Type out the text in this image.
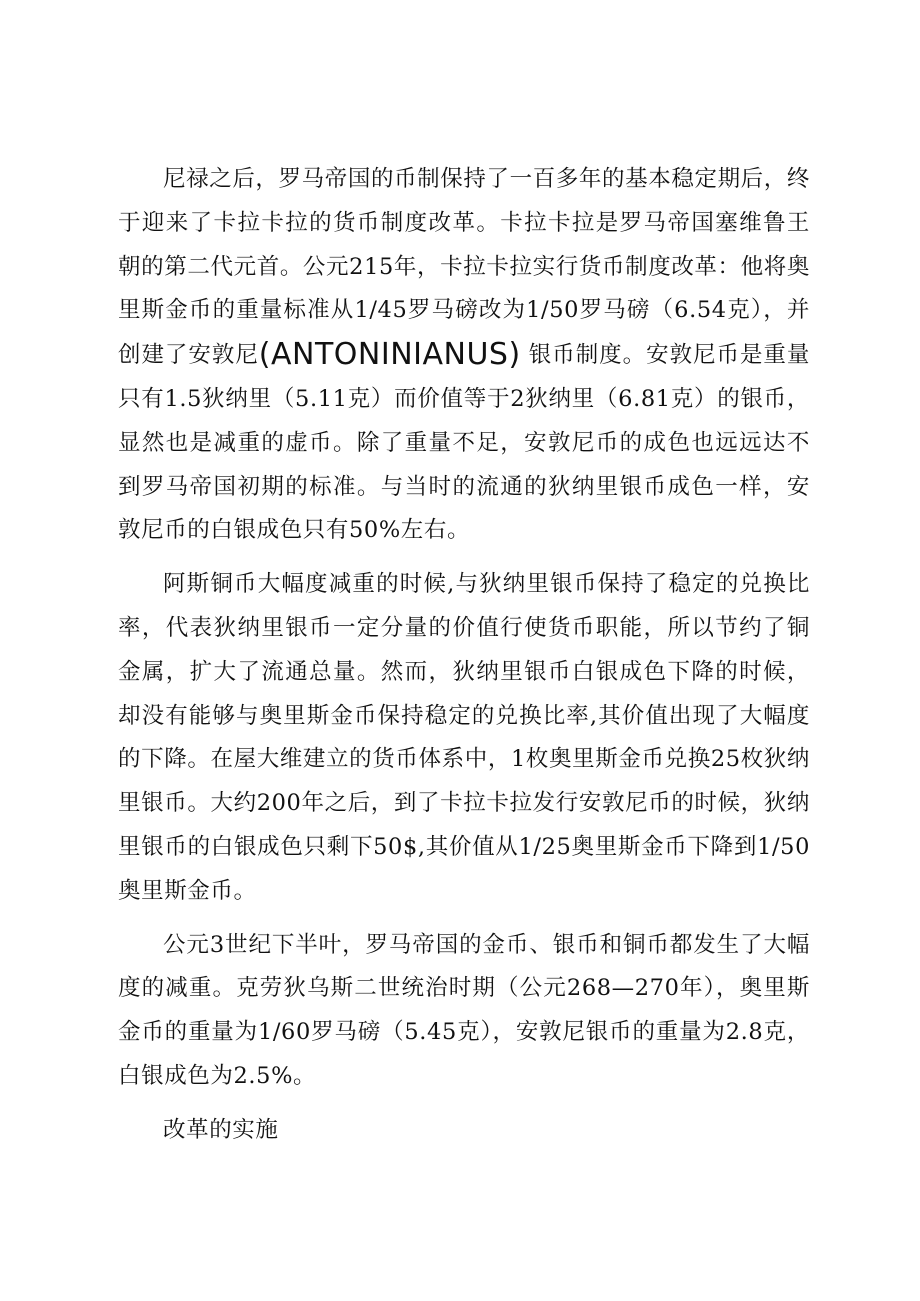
尼禄之后，罗马帝国的币制保持了一百多年的基本稳定期后，终于迎来了卡拉卡拉的货币制度改革。卡拉卡拉是罗马帝国塞维鲁王朝的第二代元首。公元215年，卡拉卡拉实行货币制度改革：他将奥里斯金币的重量标准从1/45罗马磅改为1/50罗马磅（6.54克），并创建了安敦尼(ANTONINIANUS) 银币制度。安敦尼币是重量只有1.5狄纳里（5.11克）而价值等于2狄纳里（6.81克）的银币，显然也是减重的虚币。除了重量不足，安敦尼币的成色也远远达不到罗马帝国初期的标准。与当时的流通的狄纳里银币成色一样，安敦尼币的白银成色只有50%左右。

阿斯铜币大幅度减重的时候,与狄纳里银币保持了稳定的兑换比率，代表狄纳里银币一定分量的价值行使货币职能，所以节约了铜金属，扩大了流通总量。然而，狄纳里银币白银成色下降的时候，却没有能够与奥里斯金币保持稳定的兑换比率,其价值出现了大幅度的下降。在屋大维建立的货币体系中，1枚奥里斯金币兑换25枚狄纳里银币。大约200年之后，到了卡拉卡拉发行安敦尼币的时候，狄纳里银币的白银成色只剩下50$,其价值从1/25奥里斯金币下降到1/50奥里斯金币。

公元3世纪下半叶，罗马帝国的金币、银币和铜币都发生了大幅度的减重。克劳狄乌斯二世统治时期（公元268—270年），奥里斯金币的重量为1/60罗马磅（5.45克），安敦尼银币的重量为2.8克，白银成色为2.5%。

改革的实施
